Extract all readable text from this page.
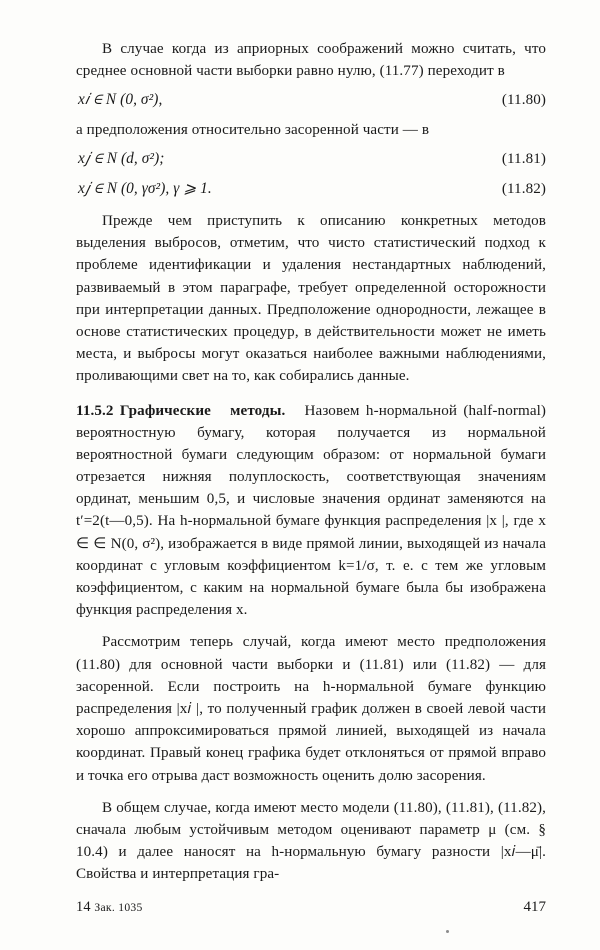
В случае когда из априорных соображений можно считать, что среднее основной части выборки равно нулю, (11.77) переходит в

x𝑖 ∈ N (0, σ²),	(11.80)

а предположения относительно засоренной части — в

x𝑗 ∈ N (d, σ²);	(11.81)
x𝑗 ∈ N (0, γσ²), γ ⩾ 1.	(11.82)

Прежде чем приступить к описанию конкретных методов выделения выбросов, отметим, что чисто статистический подход к проблеме идентификации и удаления нестандартных наблюдений, развиваемый в этом параграфе, требует определенной осторожности при интерпретации данных. Предположение однородности, лежащее в основе статистических процедур, в действительности может не иметь места, и выбросы могут оказаться наиболее важными наблюдениями, проливающими свет на то, как собирались данные.

11.5.2 Графические методы. Назовем h-нормальной (half-normal) вероятностную бумагу, которая получается из нормальной вероятностной бумаги следующим образом: от нормальной бумаги отрезается нижняя полуплоскость, соответствующая значениям ординат, меньшим 0,5, и числовые значения ординат заменяются на t′=2(t—0,5). На h-нормальной бумаге функция распределения |x |, где x ∈ ∈ N(0, σ²), изображается в виде прямой линии, выходящей из начала координат с угловым коэффициентом k=1/σ, т. е. с тем же угловым коэффициентом, с каким на нормальной бумаге была бы изображена функция распределения x.

Рассмотрим теперь случай, когда имеют место предположения (11.80) для основной части выборки и (11.81) или (11.82) — для засоренной. Если построить на h-нормальной бумаге функцию распределения |x𝑖 |, то полученный график должен в своей левой части хорошо аппроксимироваться прямой линией, выходящей из начала координат. Правый конец графика будет отклоняться от прямой вправо и точка его отрыва даст возможность оценить долю засорения.

В общем случае, когда имеют место модели (11.80), (11.81), (11.82), сначала любым устойчивым методом оценивают параметр μ (см. § 10.4) и далее наносят на h-нормальную бумагу разности |x𝑖—μ̄|. Свойства и интерпретация гра-

14 Зак. 1035	417
